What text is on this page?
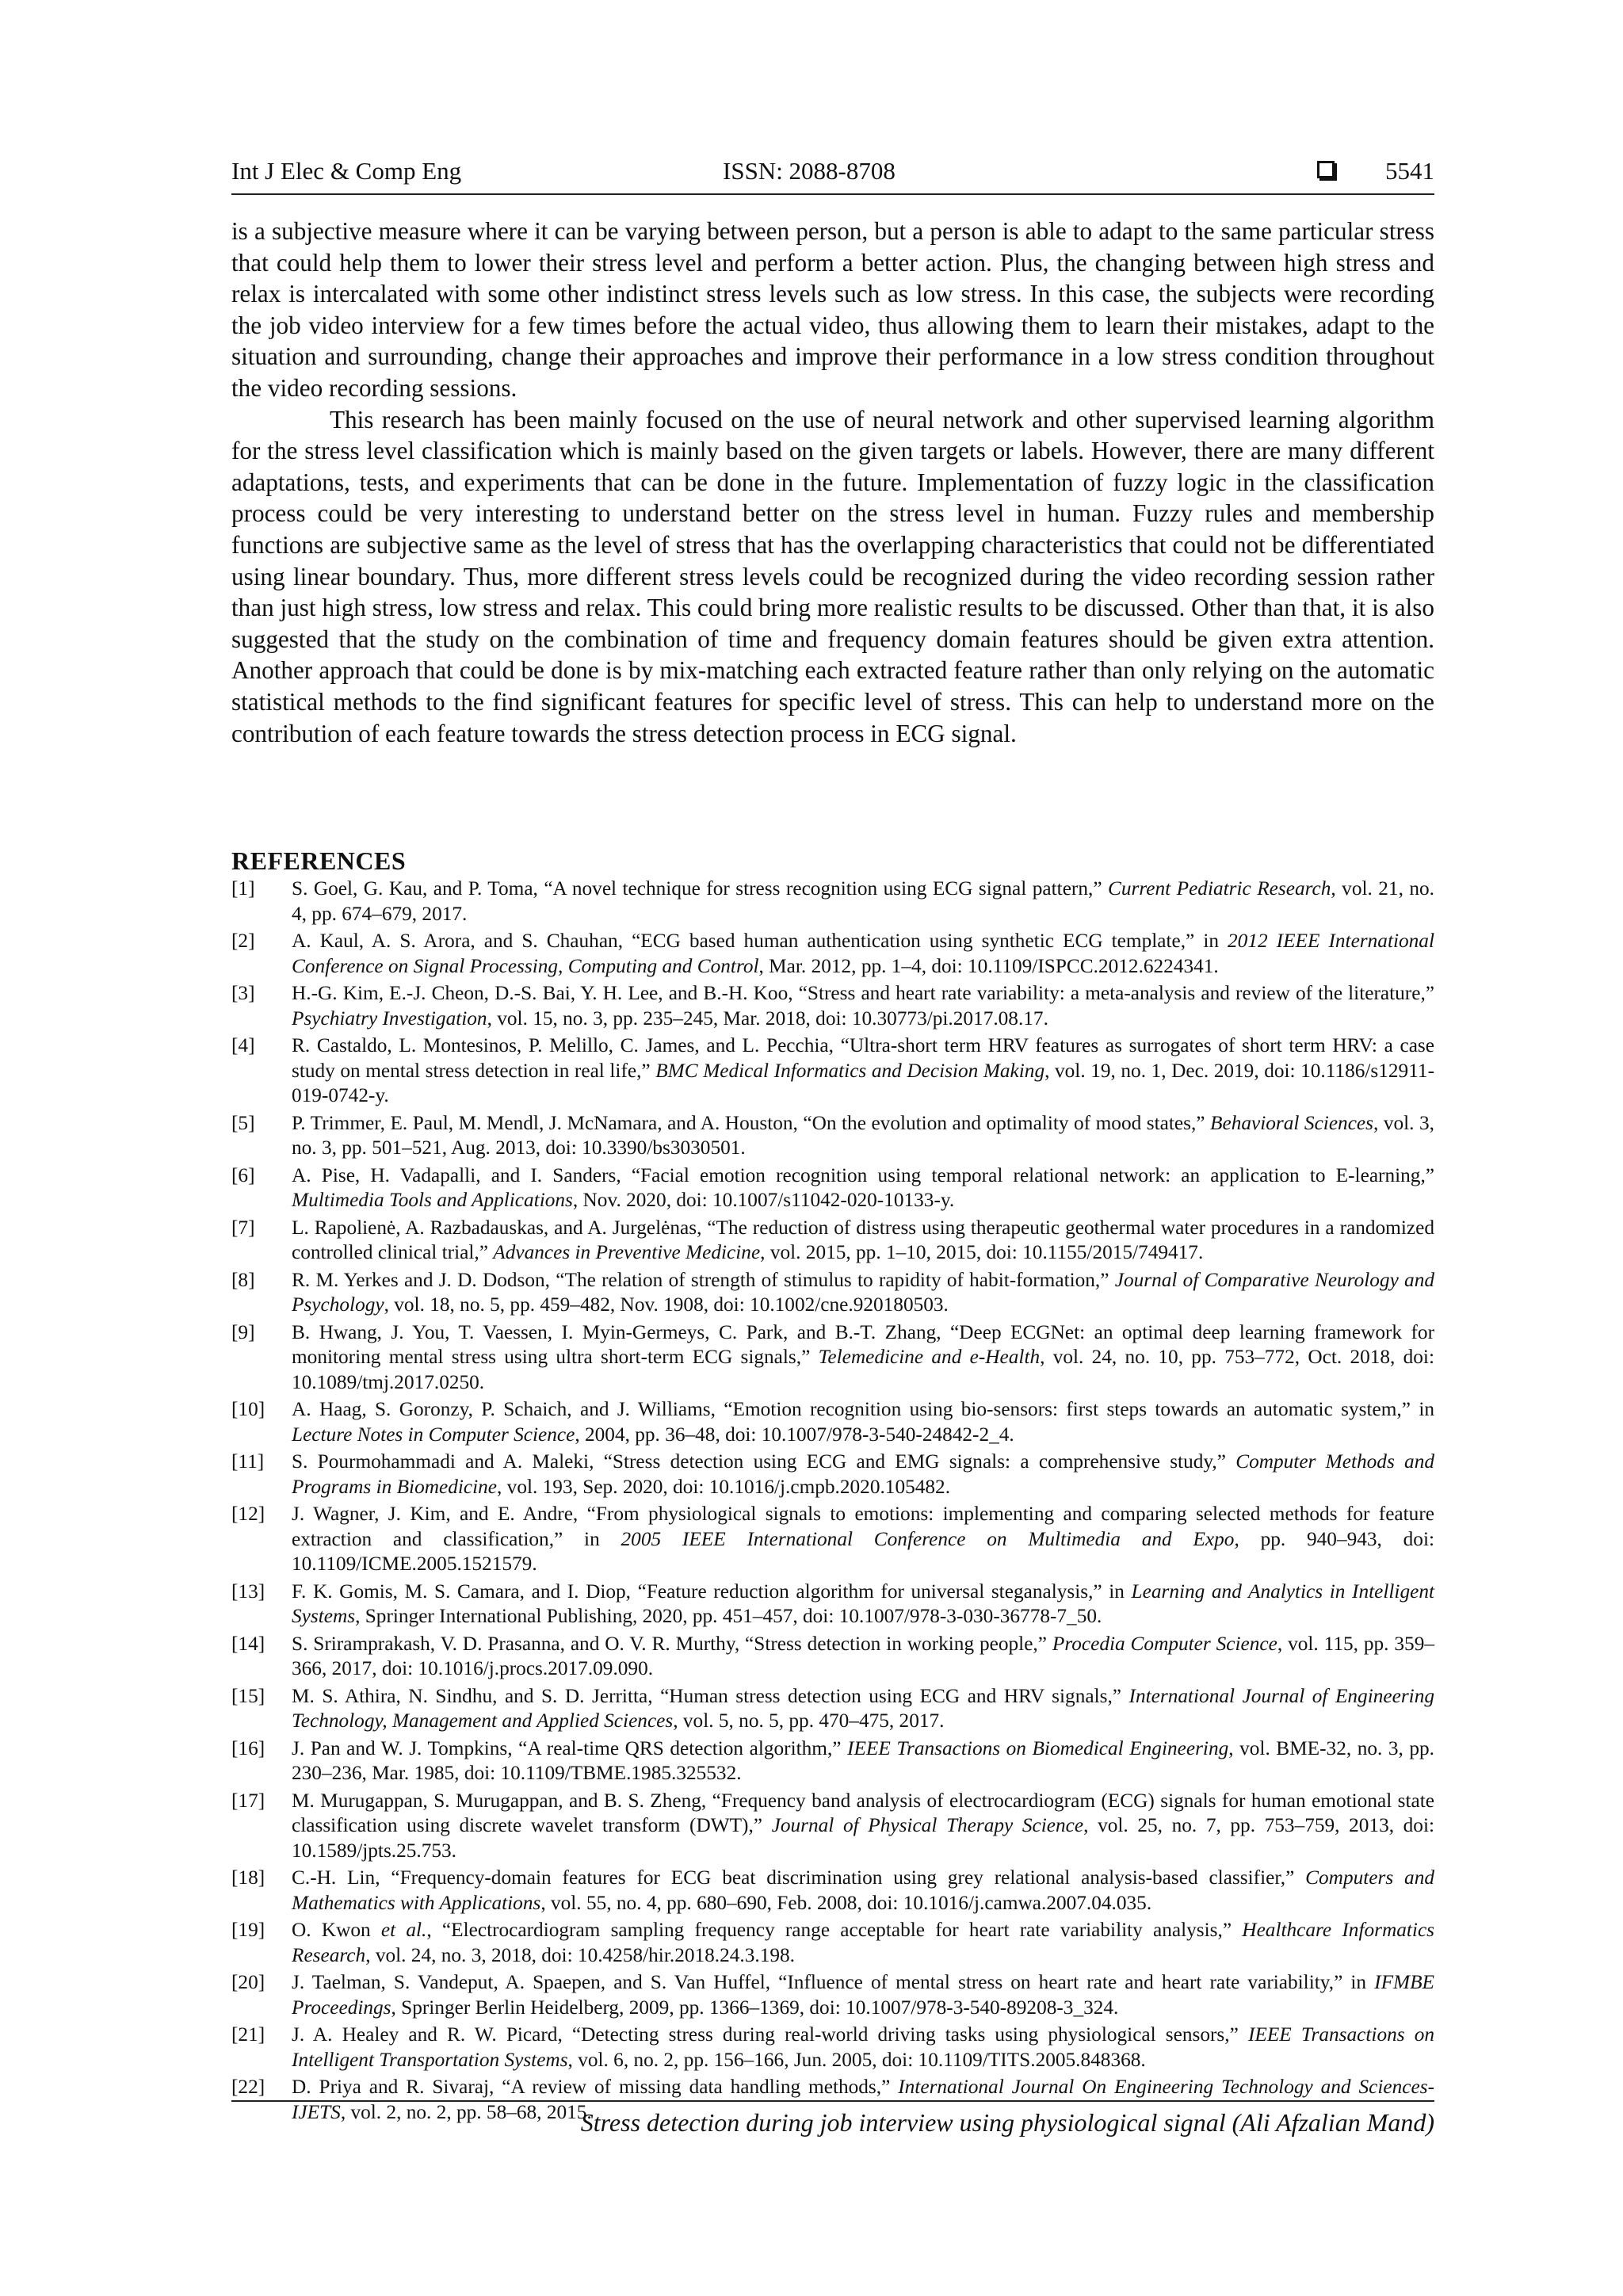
Int J Elec & Comp Eng	ISSN: 2088-8708	5541

is a subjective measure where it can be varying between person, but a person is able to adapt to the same particular stress that could help them to lower their stress level and perform a better action. Plus, the changing between high stress and relax is intercalated with some other indistinct stress levels such as low stress. In this case, the subjects were recording the job video interview for a few times before the actual video, thus allowing them to learn their mistakes, adapt to the situation and surrounding, change their approaches and improve their performance in a low stress condition throughout the video recording sessions.

This research has been mainly focused on the use of neural network and other supervised learning algorithm for the stress level classification which is mainly based on the given targets or labels. However, there are many different adaptations, tests, and experiments that can be done in the future. Implementation of fuzzy logic in the classification process could be very interesting to understand better on the stress level in human. Fuzzy rules and membership functions are subjective same as the level of stress that has the overlapping characteristics that could not be differentiated using linear boundary. Thus, more different stress levels could be recognized during the video recording session rather than just high stress, low stress and relax. This could bring more realistic results to be discussed. Other than that, it is also suggested that the study on the combination of time and frequency domain features should be given extra attention. Another approach that could be done is by mix-matching each extracted feature rather than only relying on the automatic statistical methods to the find significant features for specific level of stress. This can help to understand more on the contribution of each feature towards the stress detection process in ECG signal.

REFERENCES
[1] S. Goel, G. Kau, and P. Toma, “A novel technique for stress recognition using ECG signal pattern,” Current Pediatric Research, vol. 21, no. 4, pp. 674–679, 2017.
[2] A. Kaul, A. S. Arora, and S. Chauhan, “ECG based human authentication using synthetic ECG template,” in 2012 IEEE International Conference on Signal Processing, Computing and Control, Mar. 2012, pp. 1–4, doi: 10.1109/ISPCC.2012.6224341.
[3] H.-G. Kim, E.-J. Cheon, D.-S. Bai, Y. H. Lee, and B.-H. Koo, “Stress and heart rate variability: a meta-analysis and review of the literature,” Psychiatry Investigation, vol. 15, no. 3, pp. 235–245, Mar. 2018, doi: 10.30773/pi.2017.08.17.
[4] R. Castaldo, L. Montesinos, P. Melillo, C. James, and L. Pecchia, “Ultra-short term HRV features as surrogates of short term HRV: a case study on mental stress detection in real life,” BMC Medical Informatics and Decision Making, vol. 19, no. 1, Dec. 2019, doi: 10.1186/s12911-019-0742-y.
[5] P. Trimmer, E. Paul, M. Mendl, J. McNamara, and A. Houston, “On the evolution and optimality of mood states,” Behavioral Sciences, vol. 3, no. 3, pp. 501–521, Aug. 2013, doi: 10.3390/bs3030501.
[6] A. Pise, H. Vadapalli, and I. Sanders, “Facial emotion recognition using temporal relational network: an application to E-learning,” Multimedia Tools and Applications, Nov. 2020, doi: 10.1007/s11042-020-10133-y.
[7] L. Rapolienė, A. Razbadauskas, and A. Jurgelėnas, “The reduction of distress using therapeutic geothermal water procedures in a randomized controlled clinical trial,” Advances in Preventive Medicine, vol. 2015, pp. 1–10, 2015, doi: 10.1155/2015/749417.
[8] R. M. Yerkes and J. D. Dodson, “The relation of strength of stimulus to rapidity of habit-formation,” Journal of Comparative Neurology and Psychology, vol. 18, no. 5, pp. 459–482, Nov. 1908, doi: 10.1002/cne.920180503.
[9] B. Hwang, J. You, T. Vaessen, I. Myin-Germeys, C. Park, and B.-T. Zhang, “Deep ECGNet: an optimal deep learning framework for monitoring mental stress using ultra short-term ECG signals,” Telemedicine and e-Health, vol. 24, no. 10, pp. 753–772, Oct. 2018, doi: 10.1089/tmj.2017.0250.
[10] A. Haag, S. Goronzy, P. Schaich, and J. Williams, “Emotion recognition using bio-sensors: first steps towards an automatic system,” in Lecture Notes in Computer Science, 2004, pp. 36–48, doi: 10.1007/978-3-540-24842-2_4.
[11] S. Pourmohammadi and A. Maleki, “Stress detection using ECG and EMG signals: a comprehensive study,” Computer Methods and Programs in Biomedicine, vol. 193, Sep. 2020, doi: 10.1016/j.cmpb.2020.105482.
[12] J. Wagner, J. Kim, and E. Andre, “From physiological signals to emotions: implementing and comparing selected methods for feature extraction and classification,” in 2005 IEEE International Conference on Multimedia and Expo, pp. 940–943, doi: 10.1109/ICME.2005.1521579.
[13] F. K. Gomis, M. S. Camara, and I. Diop, “Feature reduction algorithm for universal steganalysis,” in Learning and Analytics in Intelligent Systems, Springer International Publishing, 2020, pp. 451–457, doi: 10.1007/978-3-030-36778-7_50.
[14] S. Sriramprakash, V. D. Prasanna, and O. V. R. Murthy, “Stress detection in working people,” Procedia Computer Science, vol. 115, pp. 359–366, 2017, doi: 10.1016/j.procs.2017.09.090.
[15] M. S. Athira, N. Sindhu, and S. D. Jerritta, “Human stress detection using ECG and HRV signals,” International Journal of Engineering Technology, Management and Applied Sciences, vol. 5, no. 5, pp. 470–475, 2017.
[16] J. Pan and W. J. Tompkins, “A real-time QRS detection algorithm,” IEEE Transactions on Biomedical Engineering, vol. BME-32, no. 3, pp. 230–236, Mar. 1985, doi: 10.1109/TBME.1985.325532.
[17] M. Murugappan, S. Murugappan, and B. S. Zheng, “Frequency band analysis of electrocardiogram (ECG) signals for human emotional state classification using discrete wavelet transform (DWT),” Journal of Physical Therapy Science, vol. 25, no. 7, pp. 753–759, 2013, doi: 10.1589/jpts.25.753.
[18] C.-H. Lin, “Frequency-domain features for ECG beat discrimination using grey relational analysis-based classifier,” Computers and Mathematics with Applications, vol. 55, no. 4, pp. 680–690, Feb. 2008, doi: 10.1016/j.camwa.2007.04.035.
[19] O. Kwon et al., “Electrocardiogram sampling frequency range acceptable for heart rate variability analysis,” Healthcare Informatics Research, vol. 24, no. 3, 2018, doi: 10.4258/hir.2018.24.3.198.
[20] J. Taelman, S. Vandeput, A. Spaepen, and S. Van Huffel, “Influence of mental stress on heart rate and heart rate variability,” in IFMBE Proceedings, Springer Berlin Heidelberg, 2009, pp. 1366–1369, doi: 10.1007/978-3-540-89208-3_324.
[21] J. A. Healey and R. W. Picard, “Detecting stress during real-world driving tasks using physiological sensors,” IEEE Transactions on Intelligent Transportation Systems, vol. 6, no. 2, pp. 156–166, Jun. 2005, doi: 10.1109/TITS.2005.848368.
[22] D. Priya and R. Sivaraj, “A review of missing data handling methods,” International Journal On Engineering Technology and Sciences-IJETS, vol. 2, no. 2, pp. 58–68, 2015.
Stress detection during job interview using physiological signal (Ali Afzalian Mand)
